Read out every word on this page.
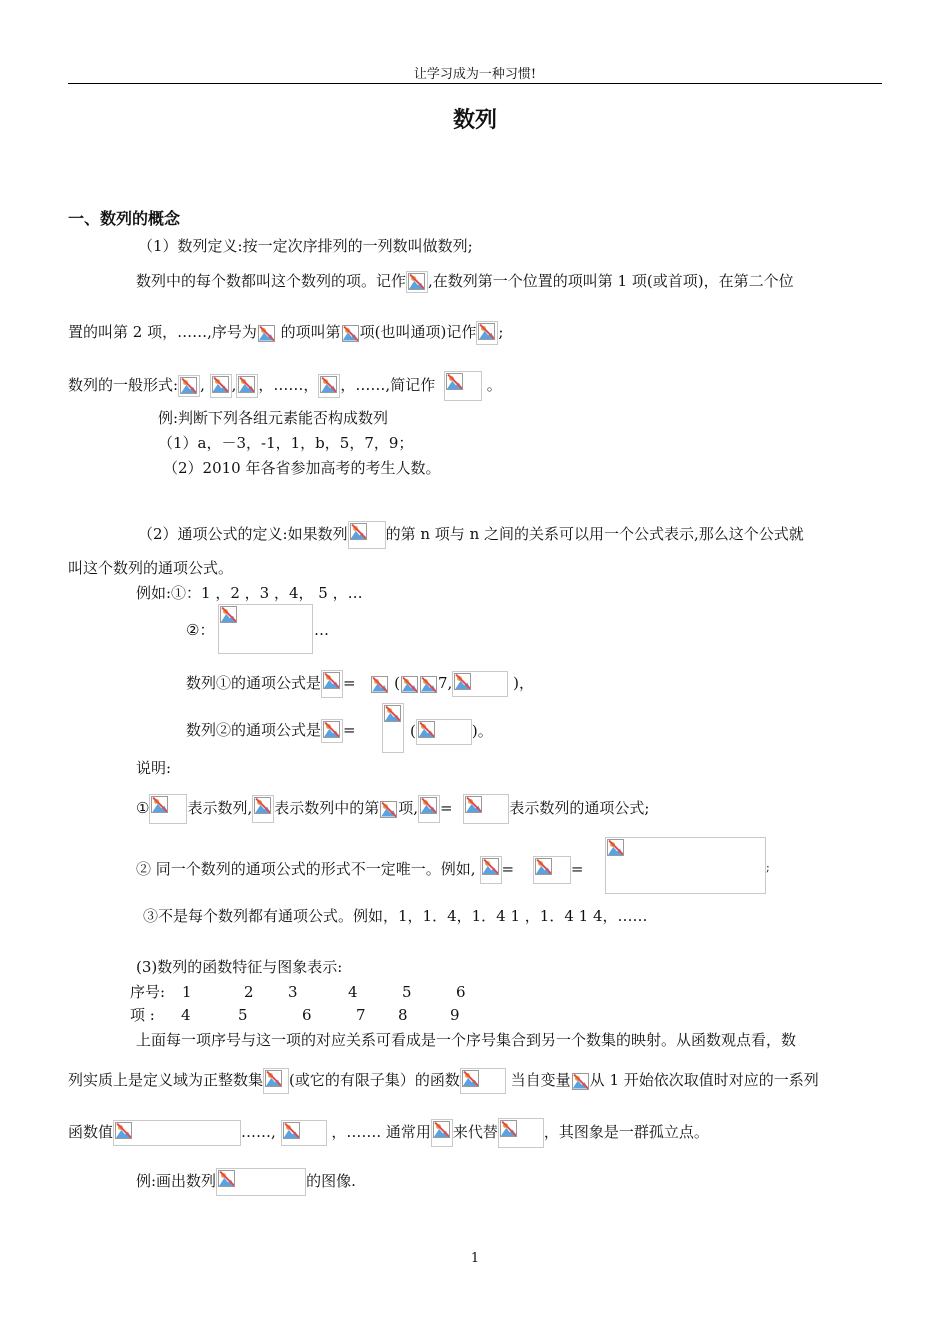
让学习成为一种习惯!
数列
一、数列的概念
（1）数列定义:按一定次序排列的一列数叫做数列;
数列中的每个数都叫这个数列的项。记作 ,在数列第一个位置的项叫第 1 项(或首项)，在第二个位
置的叫第 2 项，……,序号为
的项叫第 项(也叫通项)记作 ;
数列的一般形式: , , ，……， ，……,简记作	。
例:判断下列各组元素能否构成数列
（1）a，－3，-1，1，b，5，7，9；
（2）2010 年各省参加高考的考生人数。
（2）通项公式的定义:如果数列	的第 n 项与 n 之间的关系可以用一个公式表示,那么这个公式就
叫这个数列的通项公式。
例如:①：1 ，2 ，3 ，4， 5 ，…
②：	…
数列①的通项公式是 =	(	7,	)，
数列②的通项公式是 =	(	)。
说明:
①	表示数列, 表示数列中的第 项, =	表示数列的通项公式;
② 同一个数列的通项公式的形式不一定唯一。例如, =	=	;
③不是每个数列都有通项公式。例如，1，1．4，1．4 1 ，1．4 1 4，……
(3)数列的函数特征与图象表示:
序号: 1	2 3	4	5	6
项 : 4	5	6	7 8	9
上面每一项序号与这一项的对应关系可看成是一个序号集合到另一个数集的映射。从函数观点看，数
列实质上是定义域为正整数集 (或它的有限子集）的函数	当自变量 从 1 开始依次取值时对应的一系列
函数值	……,	，……. 通常用 来代替	，其图象是一群孤立点。
例:画出数列	的图像.
1
